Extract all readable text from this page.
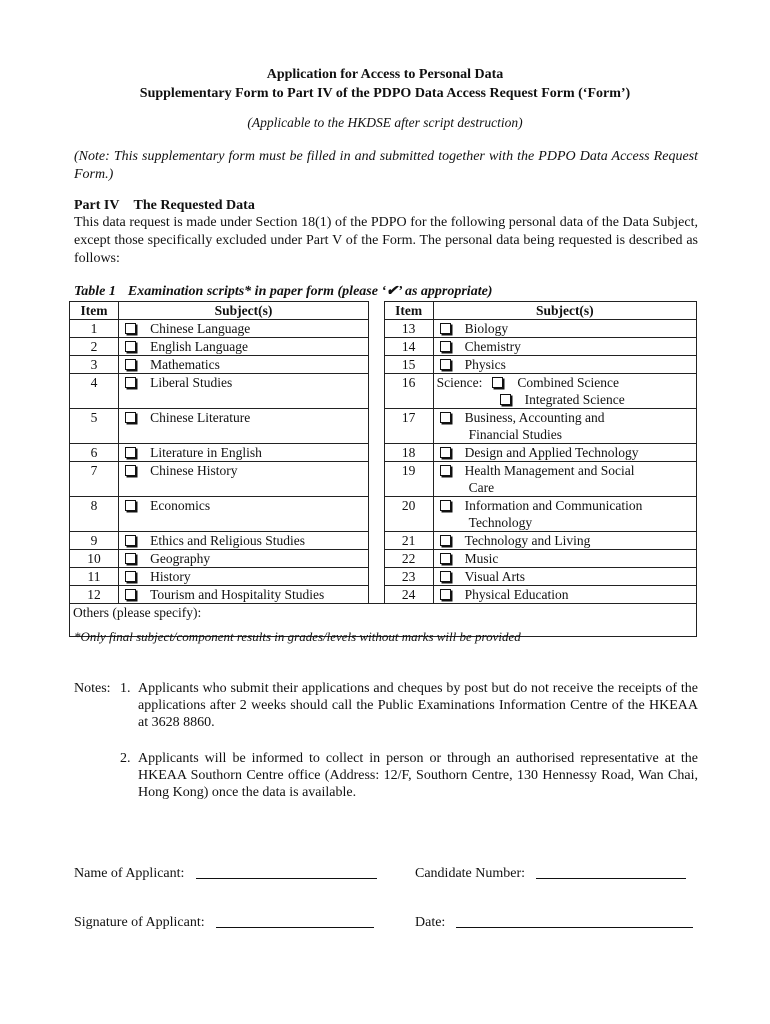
Application for Access to Personal Data
Supplementary Form to Part IV of the PDPO Data Access Request Form (‘Form’)
(Applicable to the HKDSE after script destruction)
(Note: This supplementary form must be filled in and submitted together with the PDPO Data Access Request Form.)
Part IV The Requested Data
This data request is made under Section 18(1) of the PDPO for the following personal data of the Data Subject, except those specifically excluded under Part V of the Form. The personal data being requested is described as follows:
Table 1 Examination scripts* in paper form (please ‘✔’ as appropriate)
Item	Subject(s)		Item	Subject(s)
1	Chinese Language		13	Biology
2	English Language		14	Chemistry
3	Mathematics		15	Physics
4	Liberal Studies		16	Science: Combined Science
Integrated Science
5	Chinese Literature		17	Business, Accounting and
Financial Studies
6	Literature in English		18	Design and Applied Technology
7	Chinese History		19	Health Management and Social
Care
8	Economics		20	Information and Communication
Technology
9	Ethics and Religious Studies		21	Technology and Living
10	Geography		22	Music
11	History		23	Visual Arts
12	Tourism and Hospitality Studies		24	Physical Education
Others (please specify):				
*Only final subject/component results in grades/levels without marks will be provided
Notes: 1. Applicants who submit their applications and cheques by post but do not receive the receipts of the applications after 2 weeks should call the Public Examinations Information Centre of the HKEAA at 3628 8860.
2. Applicants will be informed to collect in person or through an authorised representative at the HKEAA Southorn Centre office (Address: 12/F, Southorn Centre, 130 Hennessy Road, Wan Chai, Hong Kong) once the data is available.
Name of Applicant:	Candidate Number:
Signature of Applicant:	Date:
